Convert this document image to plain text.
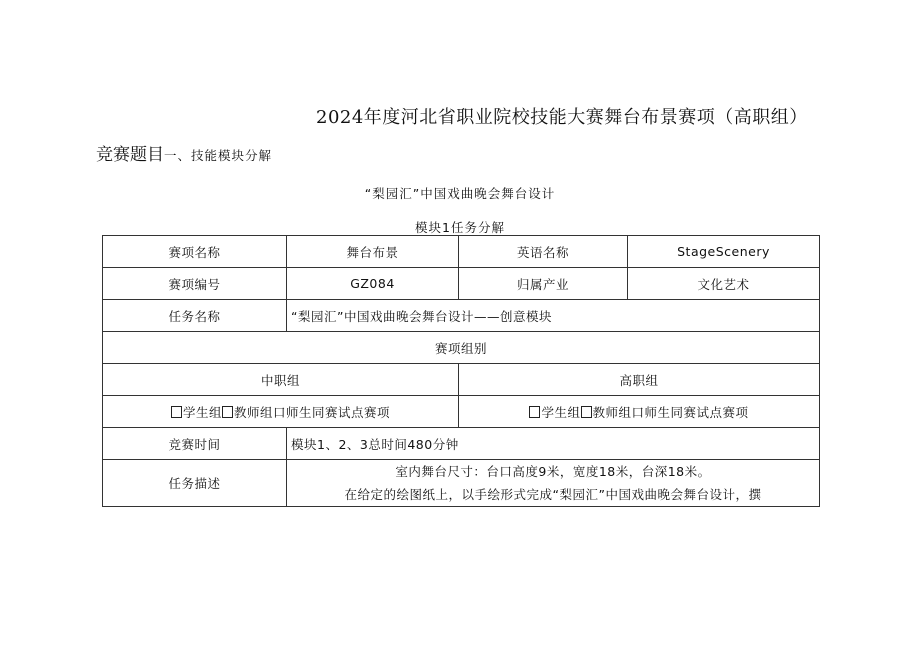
2024年度河北省职业院校技能大赛舞台布景赛项（高职组）
竞赛题目一、技能模块分解
“梨园汇”中国戏曲晚会舞台设计
模块1任务分解
赛项名称	舞台布景	英语名称	StageScenery
赛项编号	GZ084	归属产业	文化艺术
任务名称	“梨园汇”中国戏曲晚会舞台设计——创意模块		
赛项组别			
中职组		高职组	
学生组 教师组口师生同赛试点赛项		学生组 教师组口师生同赛试点赛项	
竞赛时间	模块1、2、3总时间480分钟		
任务描述	室内舞台尺寸：台口高度9米，宽度18米，台深18米。
在给定的绘图纸上，以手绘形式完成“梨园汇”中国戏曲晚会舞台设计，撰		
